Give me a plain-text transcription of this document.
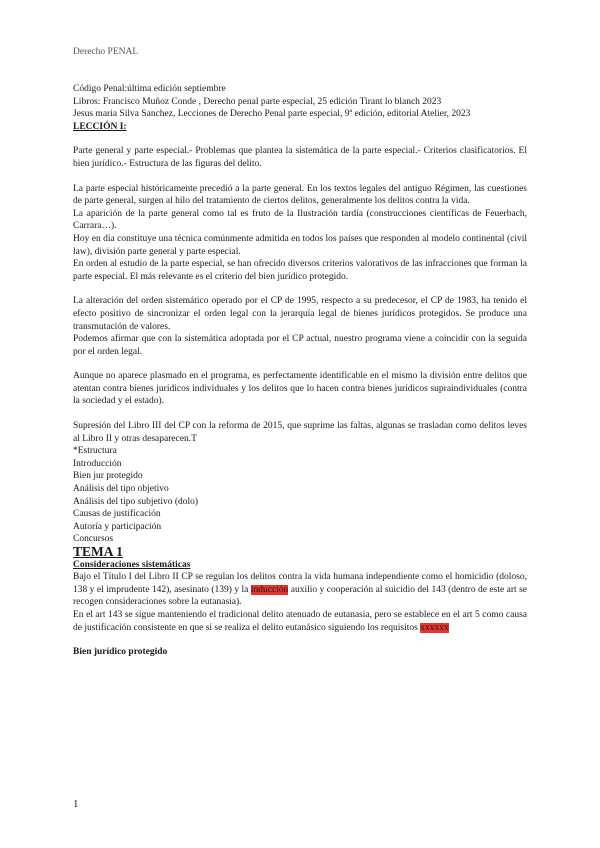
Derecho PENAL

Código Penal:última edición septiembre

Libros: Francisco Muñoz Conde , Derecho penal parte especial, 25 edición Tirant lo blanch 2023

Jesus maria Silva Sanchez, Lecciones de Derecho Penal parte especial, 9ª edición, editorial Atelier, 2023

LECCIÓN I:

Parte general y parte especial.- Problemas que plantea la sistemática de la parte especial.- Criterios clasificatorios. El bien jurídico.- Estructura de las figuras del delito.

La parte especial históricamente precedió a la parte general. En los textos legales del antiguo Régimen, las cuestiones de parte general, surgen al hilo del tratamiento de ciertos delitos, generalmente los delitos contra la vida.

La aparición de la parte general como tal es fruto de la Ilustración tardía (construcciones científicas de Feuerbach, Carrara…).

Hoy en día constituye una técnica comúnmente admitida en todos los países que responden al modelo continental (civil law), división parte general y parte especial.

En orden al estudio de la parte especial, se han ofrecido diversos criterios valorativos de las infracciones que forman la parte especial. El más relevante es el criterio del bien jurídico protegido.

La alteración del orden sistemático operado por el CP de 1995, respecto a su predecesor, el CP de 1983, ha tenido el efecto positivo de sincronizar el orden legal con la jerarquía legal de bienes jurídicos protegidos. Se produce una transmutación de valores.

Podemos afirmar que con la sistemática adoptada por el CP actual, nuestro programa viene a coincidir con la seguida por el orden legal.

Aunque no aparece plasmado en el programa, es perfectamente identificable en el mismo la división entre delitos que atentan contra bienes jurídicos individuales y los delitos que lo hacen contra bienes jurídicos supraindividuales (contra la sociedad y el estado).

Supresión del Libro III del CP con la reforma de 2015, que suprime las faltas, algunas se trasladan como delitos leves al Libro II y otras desaparecen.T

*Estructura

Introducción

Bien jur protegido

Análisis del tipo objetivo

Análisis del tipo subjetivo (dolo)

Causas de justificación

Autoría y participación

Concursos

TEMA 1

Consideraciones sistemáticas

Bajo el Título I del Libro II CP se regulan los delitos contra la vida humana independiente como el homicidio (doloso, 138 y el imprudente 142), asesinato (139) y la inducción auxilio y cooperación al suicidio del 143 (dentro de este art se recogen consideraciones sobre la eutanasia).

En el art 143 se sigue manteniendo el tradicional delito atenuado de eutanasia, pero se establece en el art 5 como causa de justificación consistente en que si se realiza el delito eutanásico siguiendo los requisitos xxxxxx

Bien jurídico protegido

1
